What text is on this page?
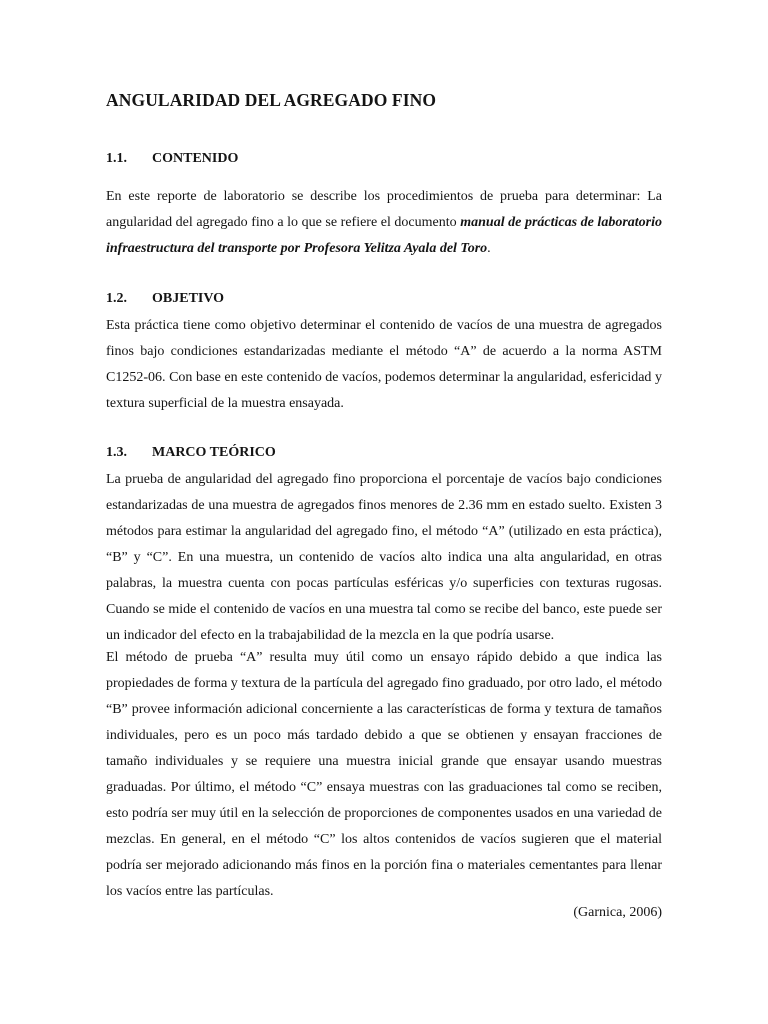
ANGULARIDAD DEL AGREGADO FINO
1.1. CONTENIDO

En este reporte de laboratorio se describe los procedimientos de prueba para determinar: La angularidad del agregado fino a lo que se refiere el documento manual de prácticas de laboratorio infraestructura del transporte por Profesora Yelitza Ayala del Toro.

1.2. OBJETIVO

Esta práctica tiene como objetivo determinar el contenido de vacíos de una muestra de agregados finos bajo condiciones estandarizadas mediante el método “A” de acuerdo a la norma ASTM C1252-06. Con base en este contenido de vacíos, podemos determinar la angularidad, esfericidad y textura superficial de la muestra ensayada.

1.3. MARCO TEÓRICO

La prueba de angularidad del agregado fino proporciona el porcentaje de vacíos bajo condiciones estandarizadas de una muestra de agregados finos menores de 2.36 mm en estado suelto. Existen 3 métodos para estimar la angularidad del agregado fino, el método “A” (utilizado en esta práctica), “B” y “C”. En una muestra, un contenido de vacíos alto indica una alta angularidad, en otras palabras, la muestra cuenta con pocas partículas esféricas y/o superficies con texturas rugosas. Cuando se mide el contenido de vacíos en una muestra tal como se recibe del banco, este puede ser un indicador del efecto en la trabajabilidad de la mezcla en la que podría usarse.

El método de prueba “A” resulta muy útil como un ensayo rápido debido a que indica las propiedades de forma y textura de la partícula del agregado fino graduado, por otro lado, el método “B” provee información adicional concerniente a las características de forma y textura de tamaños individuales, pero es un poco más tardado debido a que se obtienen y ensayan fracciones de tamaño individuales y se requiere una muestra inicial grande que ensayar usando muestras graduadas. Por último, el método “C” ensaya muestras con las graduaciones tal como se reciben, esto podría ser muy útil en la selección de proporciones de componentes usados en una variedad de mezclas. En general, en el método “C” los altos contenidos de vacíos sugieren que el material podría ser mejorado adicionando más finos en la porción fina o materiales cementantes para llenar los vacíos entre las partículas.

(Garnica, 2006)
